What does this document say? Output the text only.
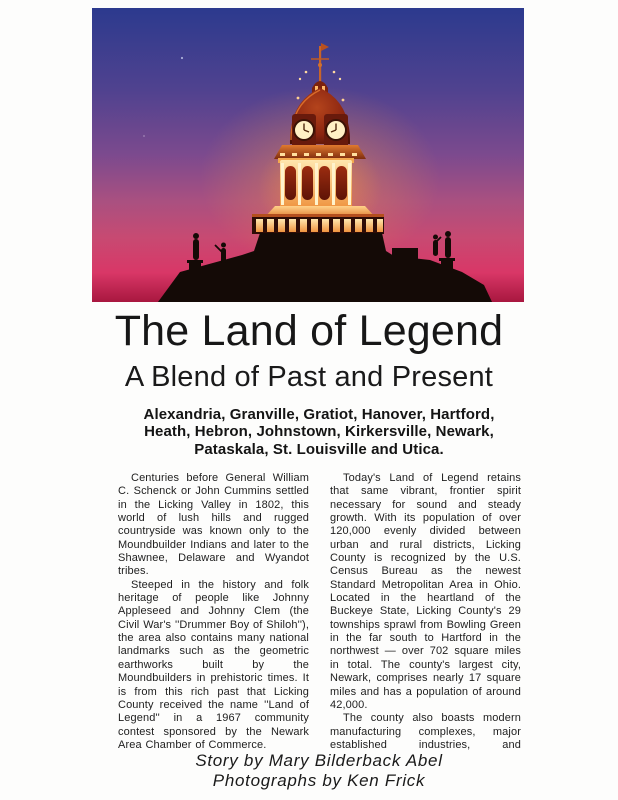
The Land of Legend
A Blend of Past and Present
Alexandria, Granville, Gratiot, Hanover, Hartford,
Heath, Hebron, Johnstown, Kirkersville, Newark,
Pataskala, St. Louisville and Utica.

Centuries before General William C. Schenck or John Cummins settled in the Licking Valley in 1802, this world of lush hills and rugged countryside was known only to the Moundbuilder Indians and later to the Shawnee, Delaware and Wyandot tribes.

Steeped in the history and folk heritage of people like Johnny Appleseed and Johnny Clem (the Civil War's ''Drummer Boy of Shiloh''), the area also contains many national landmarks such as the geometric earthworks built by the Moundbuilders in prehistoric times. It is from this rich past that Licking County received the name ''Land of Legend'' in a 1967 community contest sponsored by the Newark Area Chamber of Commerce.

Today's Land of Legend retains that same vibrant, frontier spirit necessary for sound and steady growth. With its population of over 120,000 evenly divided between urban and rural districts, Licking County is recognized by the U.S. Census Bureau as the newest Standard Metropolitan Area in Ohio. Located in the heartland of the Buckeye State, Licking County's 29 townships sprawl from Bowling Green in the far south to Hartford in the northwest — over 702 square miles in total. The county's largest city, Newark, comprises nearly 17 square miles and has a population of around 42,000.

The county also boasts modern manufacturing complexes, major established industries, and

Story by Mary Bilderback Abel
Photographs by Ken Frick
